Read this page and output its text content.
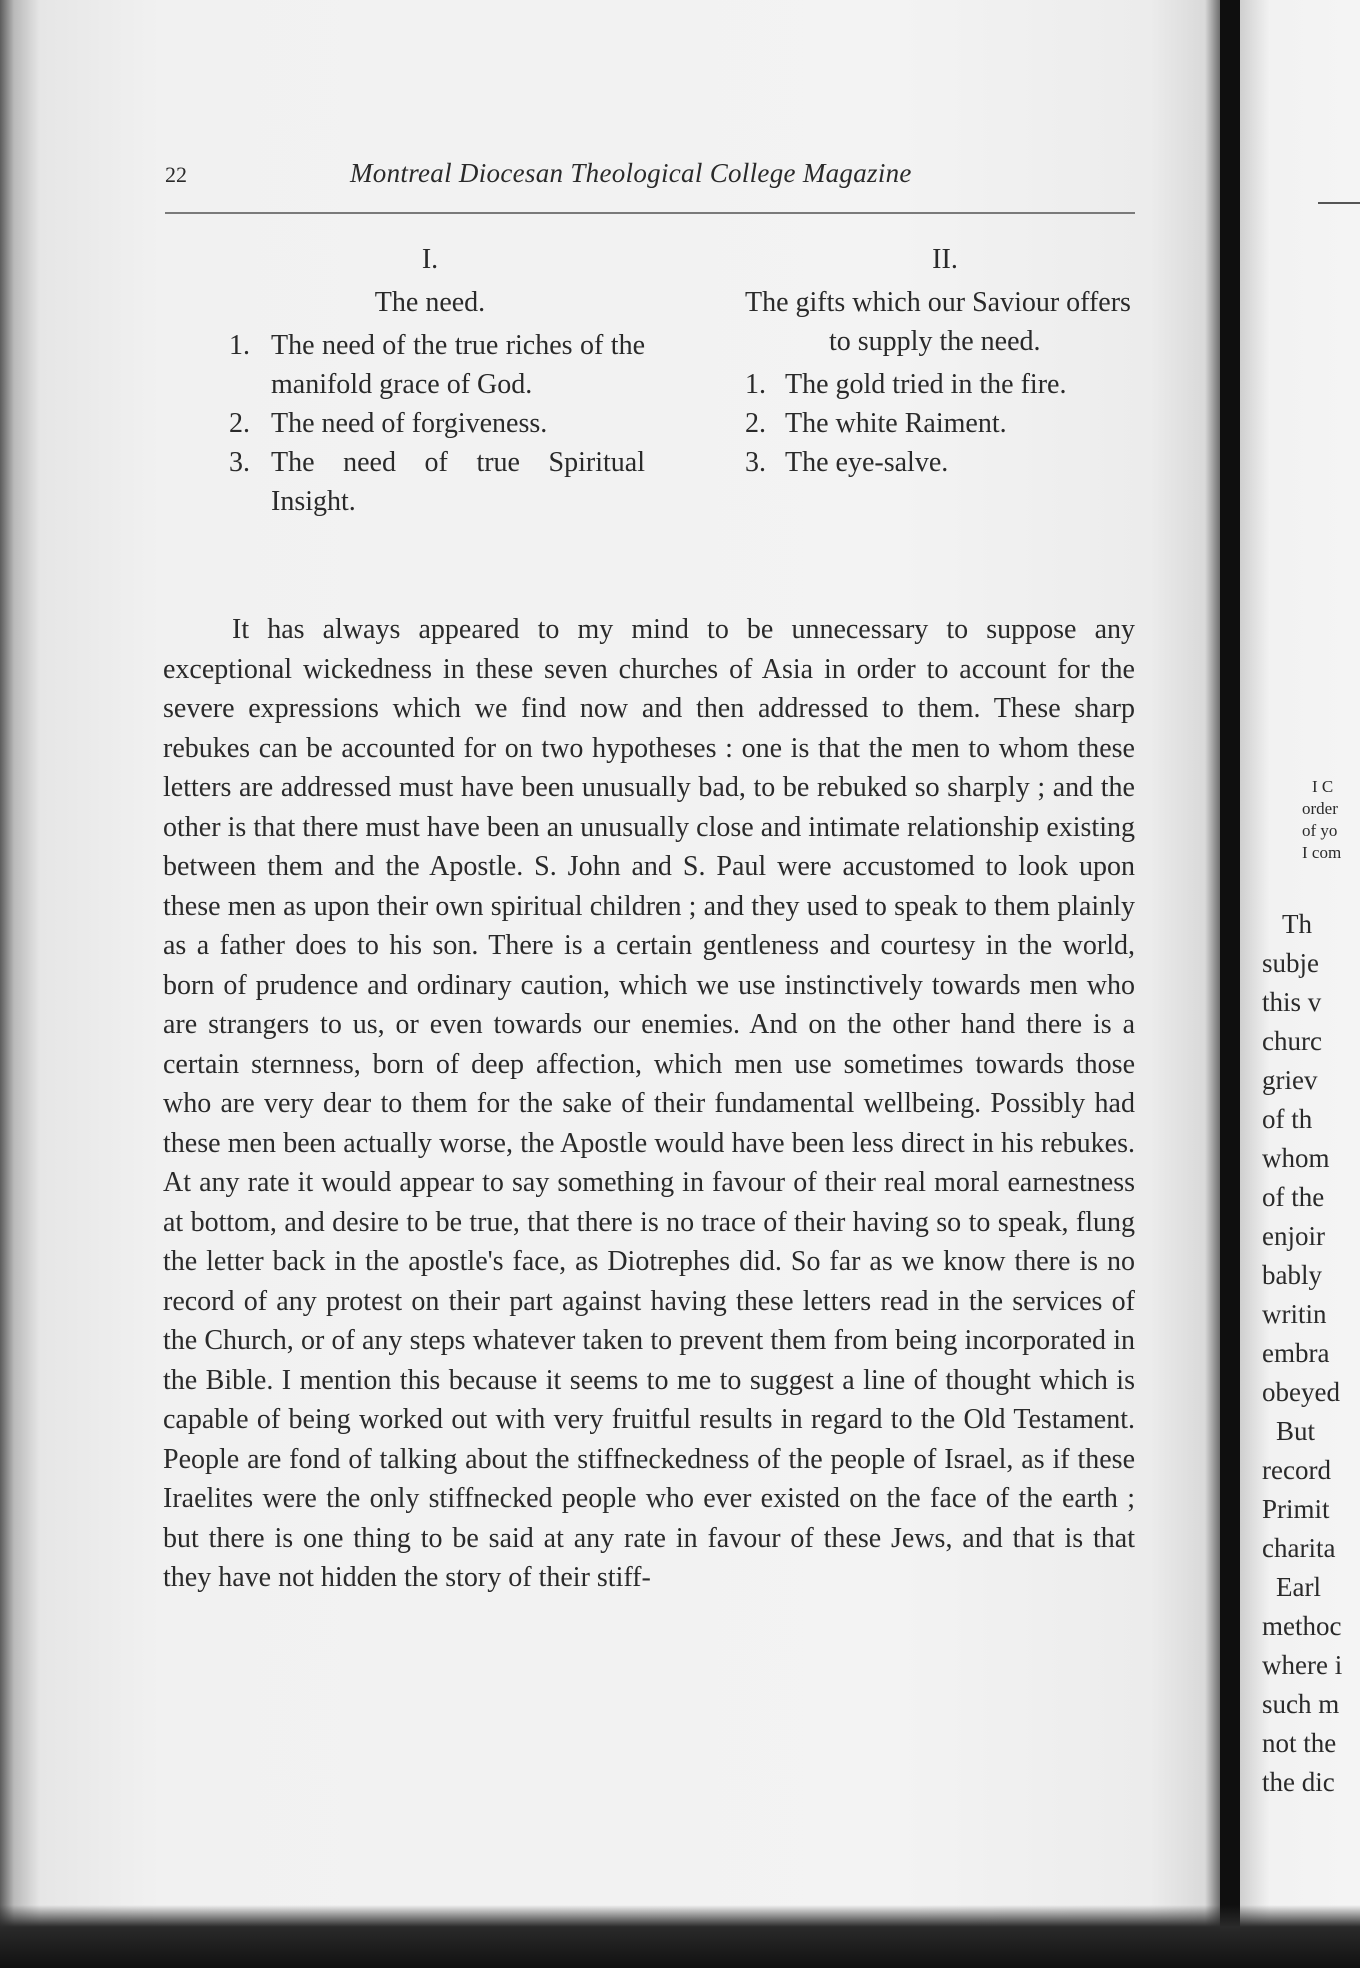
22	Montreal Diocesan Theological College Magazine
I.
The need.
1. The need of the true riches of the manifold grace of God.
2. The need of forgiveness.
3. The need of true Spiritual Insight.
II.
The gifts which our Saviour offers to supply the need.
1. The gold tried in the fire.
2. The white Raiment.
3. The eye-salve.

It has always appeared to my mind to be unnecessary to suppose any exceptional wickedness in these seven churches of Asia in order to account for the severe expressions which we find now and then addressed to them. These sharp rebukes can be accounted for on two hypotheses : one is that the men to whom these letters are addressed must have been unusually bad, to be rebuked so sharply ; and the other is that there must have been an unusually close and intimate relationship existing between them and the Apostle. S. John and S. Paul were accustomed to look upon these men as upon their own spiritual children ; and they used to speak to them plainly as a father does to his son. There is a certain gentleness and courtesy in the world, born of prudence and ordinary caution, which we use instinctively towards men who are strangers to us, or even towards our enemies. And on the other hand there is a certain sternness, born of deep affection, which men use sometimes towards those who are very dear to them for the sake of their fundamental wellbeing. Possibly had these men been actually worse, the Apostle would have been less direct in his rebukes. At any rate it would appear to say something in favour of their real moral earnestness at bottom, and desire to be true, that there is no trace of their having so to speak, flung the letter back in the apostle's face, as Diotrephes did. So far as we know there is no record of any protest on their part against having these letters read in the services of the Church, or of any steps whatever taken to prevent them from being incorporated in the Bible. I mention this because it seems to me to suggest a line of thought which is capable of being worked out with very fruitful results in regard to the Old Testament. People are fond of talking about the stiffneckedness of the people of Israel, as if these Iraelites were the only stiffnecked people who ever existed on the face of the earth ; but there is one thing to be said at any rate in favour of these Jews, and that is that they have not hidden the story of their stiff-

I C
order
of yo
I com
Th
subje
this v
churc
griev
of th
whom
of the
enjoir
bably
writin
embra
obeyed
But
record
Primit
charita
Earl
methoc
where i
such m
not the
the dic
